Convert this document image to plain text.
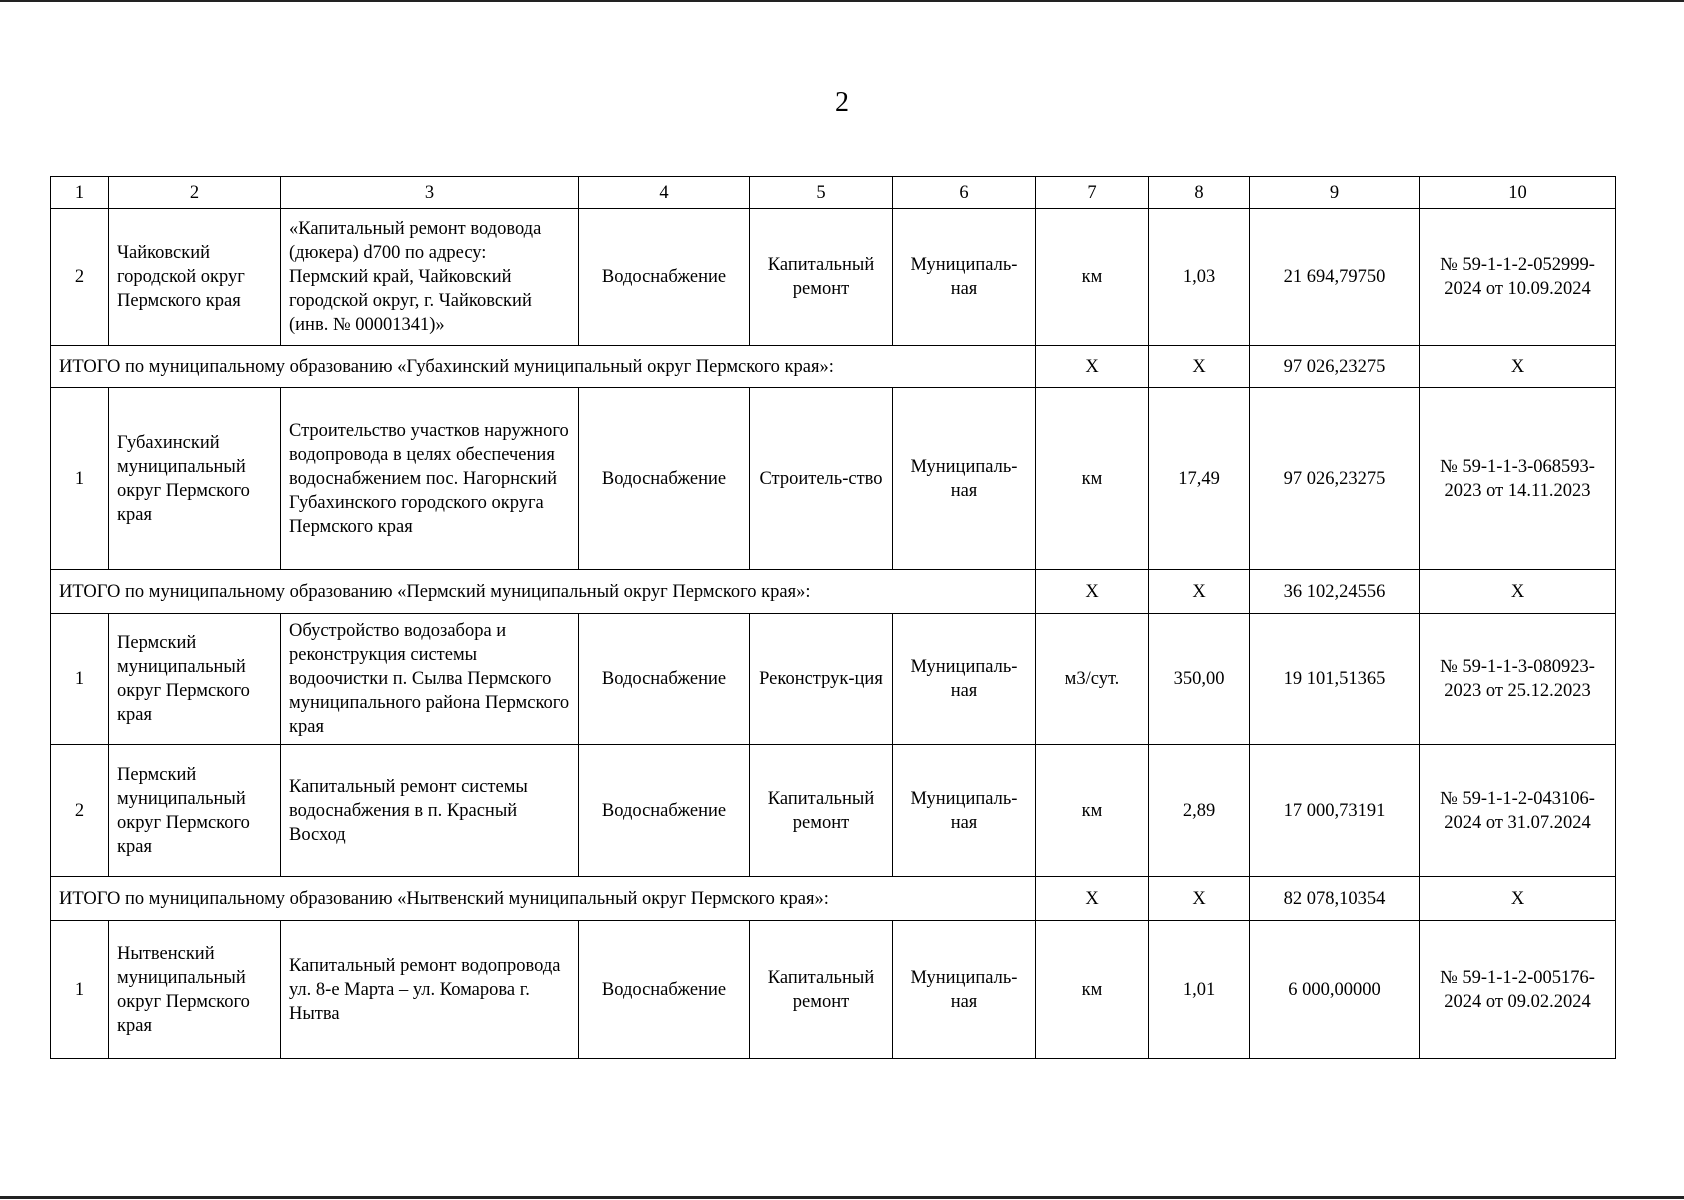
2
1	2	3	4	5	6	7	8	9	10
2	Чайковский городской округ Пермского края	«Капитальный ремонт водовода (дюкера) d700 по адресу: Пермский край, Чайковский городской округ, г. Чайковский (инв. № 00001341)»	Водоснабжение	Капитальный ремонт	Муниципаль-ная	км	1,03	21 694,79750	№ 59-1-1-2-052999-2024 от 10.09.2024
ИТОГО по муниципальному образованию «Губахинский муниципальный округ Пермского края»:						Х	Х	97 026,23275	Х
1	Губахинский муниципальный округ Пермского края	Строительство участков наружного водопровода в целях обеспечения водоснабжением пос. Нагорнский Губахинского городского округа Пермского края	Водоснабжение	Строитель-ство	Муниципаль-ная	км	17,49	97 026,23275	№ 59-1-1-3-068593-2023 от 14.11.2023
ИТОГО по муниципальному образованию «Пермский муниципальный округ Пермского края»:						Х	Х	36 102,24556	Х
1	Пермский муниципальный округ Пермского края	Обустройство водозабора и реконструкция системы водоочистки п. Сылва Пермского муниципального района Пермского края	Водоснабжение	Реконструк-ция	Муниципаль-ная	м3/сут.	350,00	19 101,51365	№ 59-1-1-3-080923-2023 от 25.12.2023
2	Пермский муниципальный округ Пермского края	Капитальный ремонт системы водоснабжения в п. Красный Восход	Водоснабжение	Капитальный ремонт	Муниципаль-ная	км	2,89	17 000,73191	№ 59-1-1-2-043106-2024 от 31.07.2024
ИТОГО по муниципальному образованию «Нытвенский муниципальный округ Пермского края»:						Х	Х	82 078,10354	Х
1	Нытвенский муниципальный округ Пермского края	Капитальный ремонт водопровода ул. 8-е Марта – ул. Комарова г. Нытва	Водоснабжение	Капитальный ремонт	Муниципаль-ная	км	1,01	6 000,00000	№ 59-1-1-2-005176-2024 от 09.02.2024
